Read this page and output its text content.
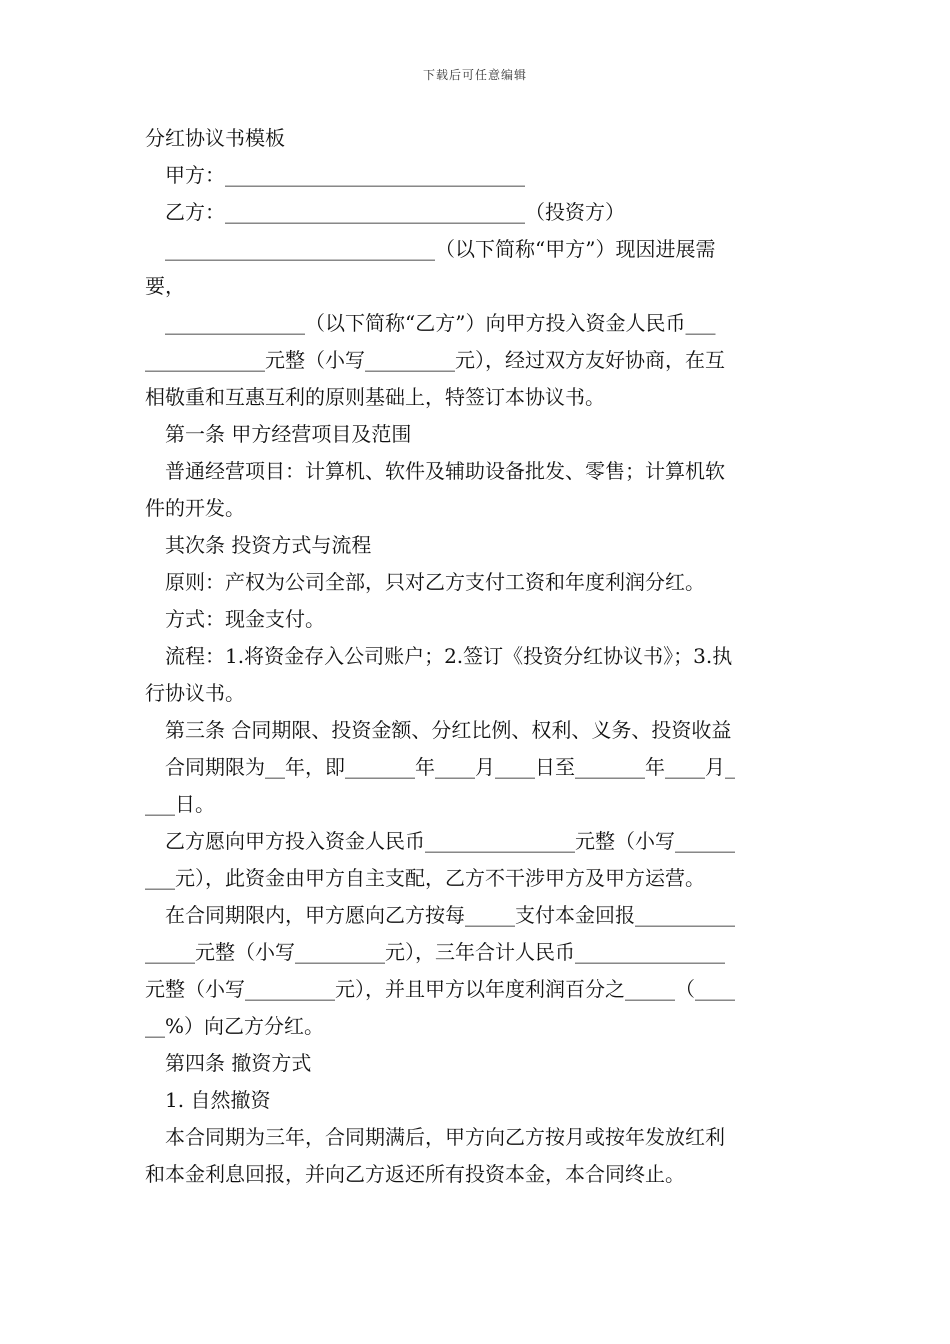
下载后可任意编辑
分红协议书模板
甲方：______________________________
乙方：______________________________（投资方）
___________________________（以下简称“甲方”）现因进展需
要，
______________（以下简称“乙方”）向甲方投入资金人民币___
____________元整（小写_________元），经过双方友好协商，在互
相敬重和互惠互利的原则基础上，特签订本协议书。
第一条 甲方经营项目及范围
普通经营项目：计算机、软件及辅助设备批发、零售；计算机软
件的开发。
其次条 投资方式与流程
原则：产权为公司全部，只对乙方支付工资和年度利润分红。
方式：现金支付。
流程：1.将资金存入公司账户；2.签订《投资分红协议书》；3.执
行协议书。
第三条 合同期限、投资金额、分红比例、权利、义务、投资收益
合同期限为__年，即_______年____月____日至_______年____月_
___日。
乙方愿向甲方投入资金人民币_______________元整（小写______
___元），此资金由甲方自主支配，乙方不干涉甲方及甲方运营。
在合同期限内，甲方愿向乙方按每_____支付本金回报__________
_____元整（小写_________元），三年合计人民币_______________
元整（小写_________元），并且甲方以年度利润百分之_____（____
__%）向乙方分红。
第四条 撤资方式
1. 自然撤资
本合同期为三年，合同期满后，甲方向乙方按月或按年发放红利
和本金利息回报，并向乙方返还所有投资本金，本合同终止。
